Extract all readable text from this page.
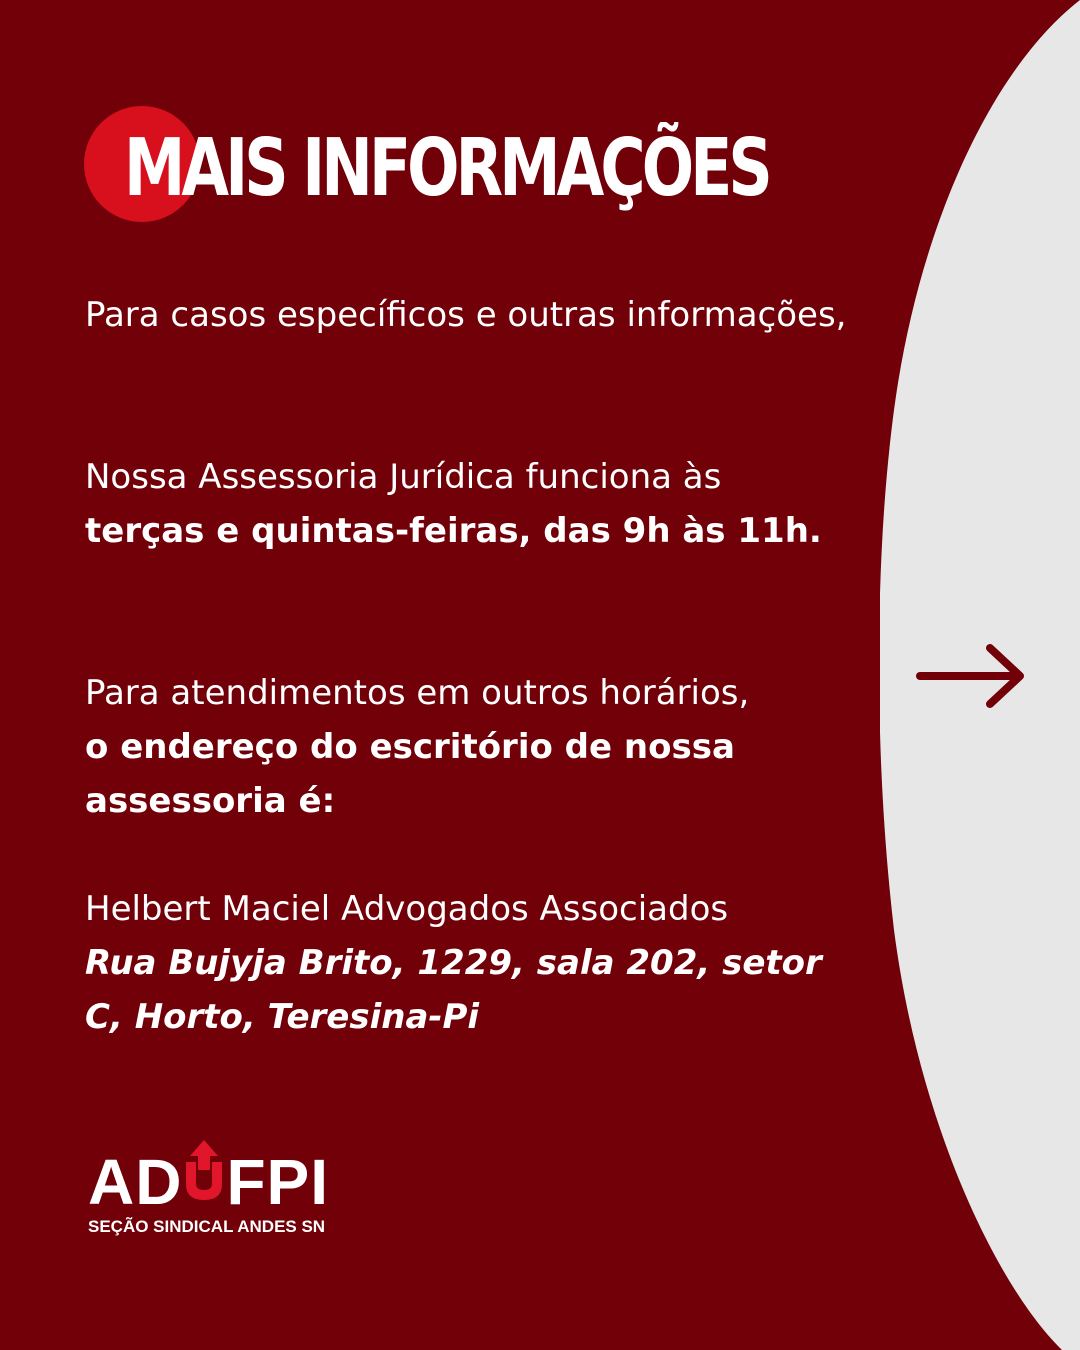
MAIS INFORMAÇÕES

Para casos específicos e outras informações,

Nossa Assessoria Jurídica funciona às
terças e quintas-feiras, das 9h às 11h.

Para atendimentos em outros horários,
o endereço do escritório de nossa assessoria é:

Helbert Maciel Advogados Associados
Rua Bujyja Brito, 1229, sala 202, setor C, Horto, Teresina-Pi

AD FPI
SEÇÃO SINDICAL ANDES SN
